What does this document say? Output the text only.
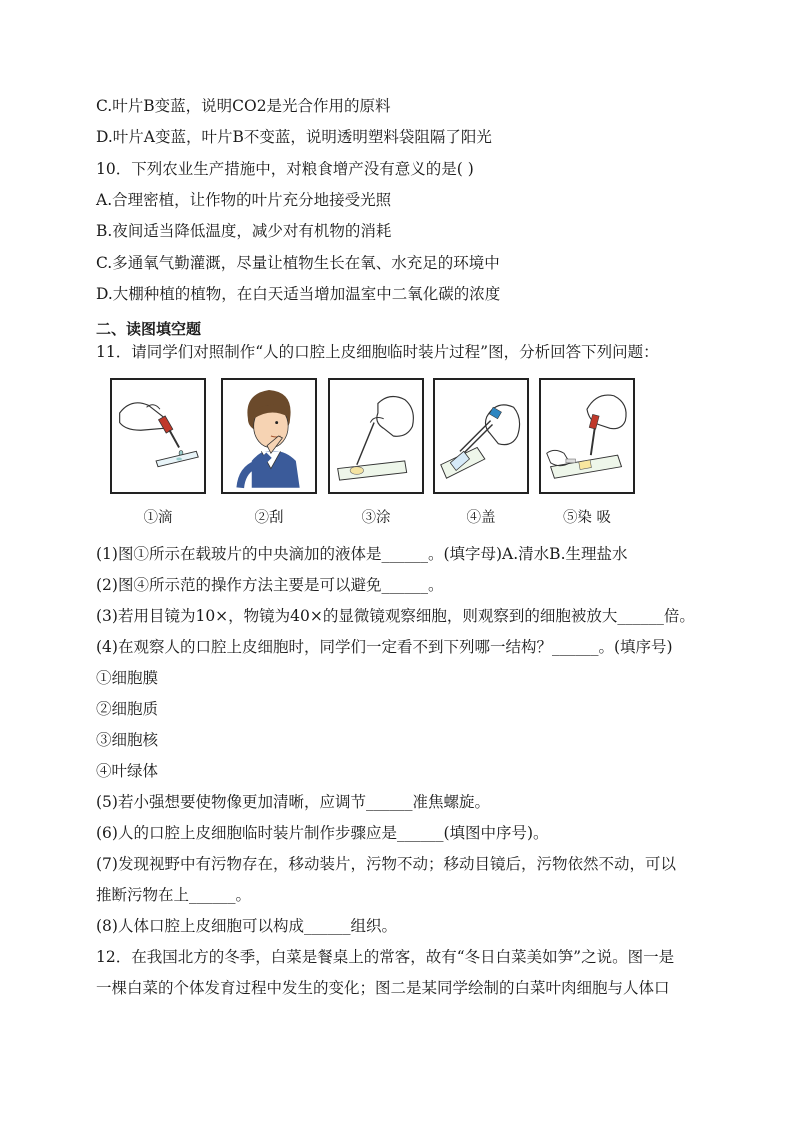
C.叶片B变蓝，说明CO2是光合作用的原料
D.叶片A变蓝，叶片B不变蓝，说明透明塑料袋阻隔了阳光
10．下列农业生产措施中，对粮食增产没有意义的是( )
A.合理密植，让作物的叶片充分地接受光照
B.夜间适当降低温度，减少对有机物的消耗
C.多通氧气勤灌溉，尽量让植物生长在氧、水充足的环境中
D.大棚种植的植物，在白天适当增加温室中二氧化碳的浓度
二、读图填空题
11．请同学们对照制作“人的口腔上皮细胞临时装片过程”图，分析回答下列问题：
①滴	②刮	③涂	④盖	⑤染 吸
(1)图①所示在载玻片的中央滴加的液体是______。(填字母)A.清水B.生理盐水
(2)图④所示范的操作方法主要是可以避免______。
(3)若用目镜为10×，物镜为40×的显微镜观察细胞，则观察到的细胞被放大______倍。
(4)在观察人的口腔上皮细胞时，同学们一定看不到下列哪一结构？______。(填序号)
①细胞膜
②细胞质
③细胞核
④叶绿体
(5)若小强想要使物像更加清晰，应调节______准焦螺旋。
(6)人的口腔上皮细胞临时装片制作步骤应是______(填图中序号)。
(7)发现视野中有污物存在，移动装片，污物不动；移动目镜后，污物依然不动，可以
推断污物在上______。
(8)人体口腔上皮细胞可以构成______组织。
12．在我国北方的冬季，白菜是餐桌上的常客，故有“冬日白菜美如笋”之说。图一是
一棵白菜的个体发育过程中发生的变化；图二是某同学绘制的白菜叶肉细胞与人体口
